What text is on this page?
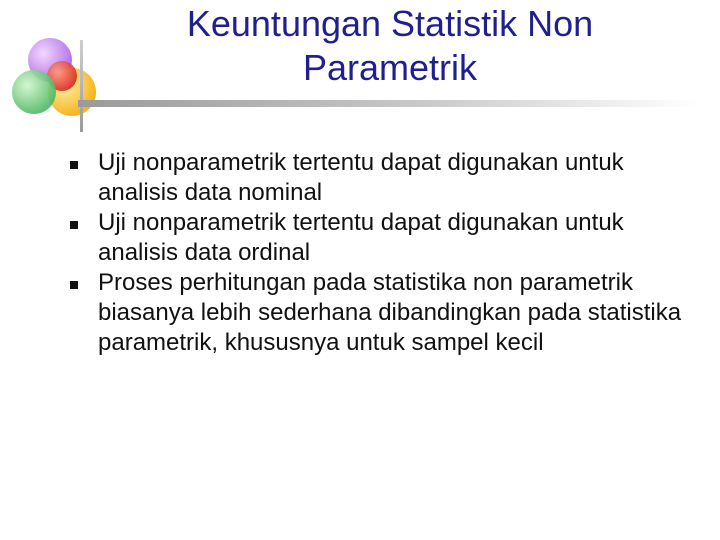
Keuntungan Statistik Non Parametrik
Uji nonparametrik tertentu dapat digunakan untuk analisis data nominal
Uji nonparametrik tertentu dapat digunakan untuk analisis data ordinal
Proses perhitungan pada statistika non parametrik biasanya lebih sederhana dibandingkan pada statistika parametrik, khususnya untuk sampel kecil
